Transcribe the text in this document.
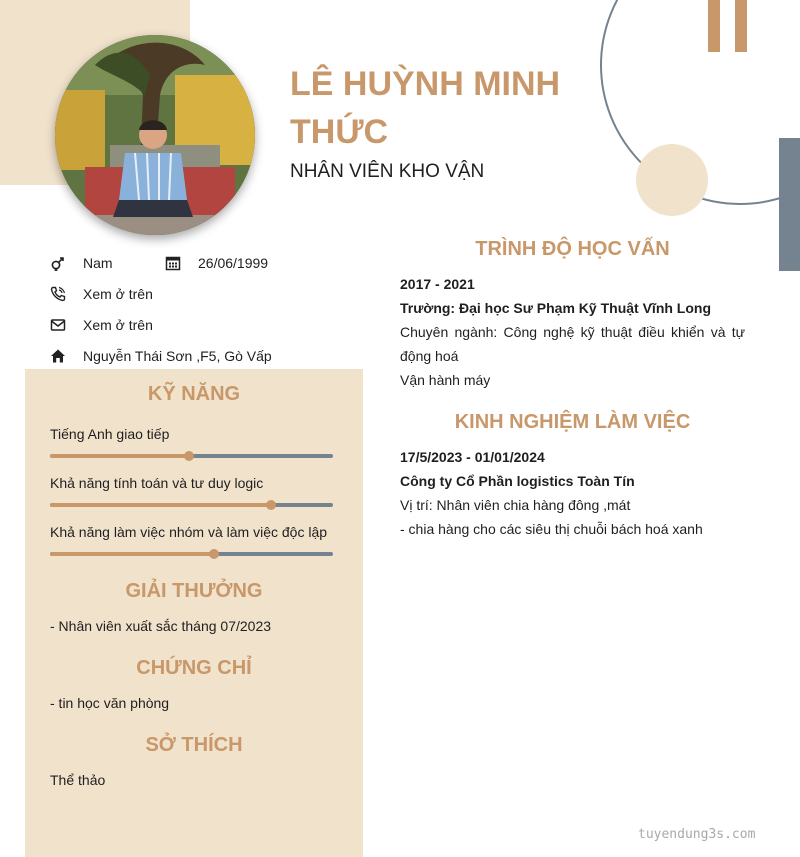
LÊ HUỲNH MINH THỨC
NHÂN VIÊN KHO VẬN
Nam	26/06/1999
Xem ở trên
Xem ở trên
Nguyễn Thái Sơn ,F5, Gò Vấp
KỸ NĂNG
Tiếng Anh giao tiếp
Khả năng tính toán và tư duy logic
Khả năng làm việc nhóm và làm việc độc lập
GIẢI THƯỞNG
- Nhân viên xuất sắc tháng 07/2023
CHỨNG CHỈ
- tin học văn phòng
SỞ THÍCH
Thể thảo
TRÌNH ĐỘ HỌC VẤN
2017 - 2021
Trường: Đại học Sư Phạm Kỹ Thuật Vĩnh Long
Chuyên ngành: Công nghệ kỹ thuật điều khiển và tự động hoá
Vận hành máy
KINH NGHIỆM LÀM VIỆC
17/5/2023 - 01/01/2024
Công ty Cổ Phần logistics Toàn Tín
Vị trí: Nhân viên chia hàng đông ,mát
- chia hàng cho các siêu thị chuỗi bách hoá xanh
tuyendung3s.com
